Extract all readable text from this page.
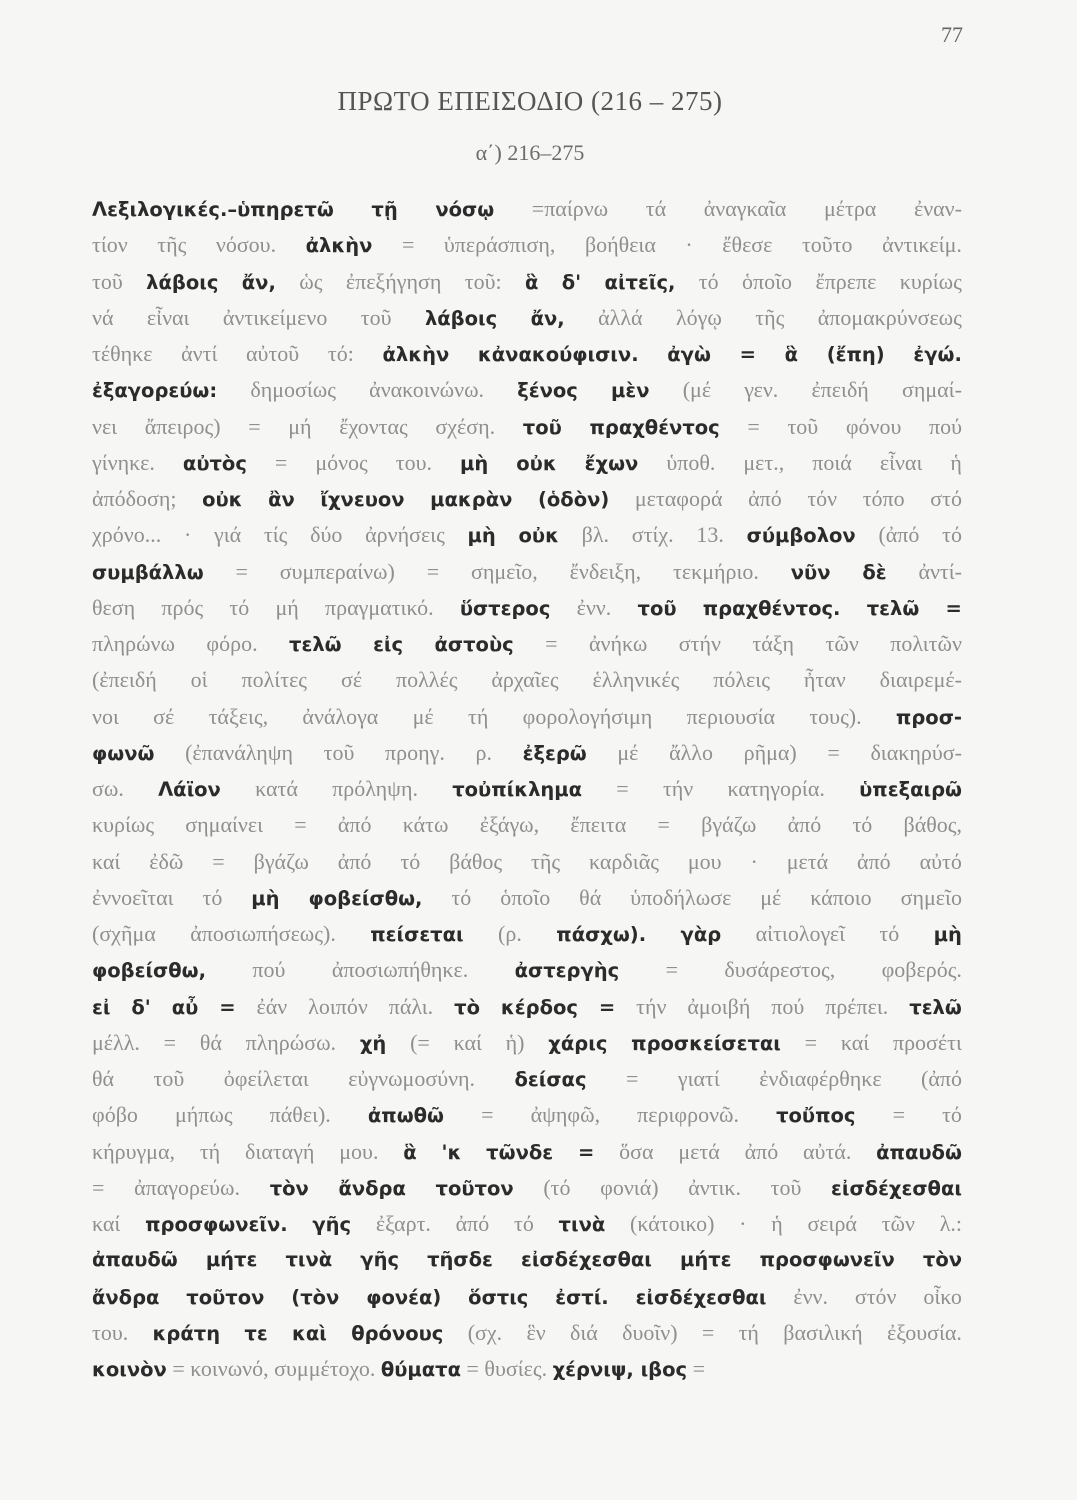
77
ΠΡΩΤΟ ΕΠΕΙΣΟΔΙΟ (216 – 275)
α΄) 216–275
Λεξιλογικές.–ὑπηρετῶ τῇ νόσῳ =παίρνω τά ἀναγκαῖα μέτρα ἐναν-
τίον τῆς νόσου. ἀλκὴν = ὑπεράσπιση, βοήθεια · ἔθεσε τοῦτο ἀντικείμ.
τοῦ λάβοις ἄν, ὡς ἐπεξήγηση τοῦ: ἃ δ' αἰτεῖς, τό ὁποῖο ἔπρεπε κυρίως
νά εἶναι ἀντικείμενο τοῦ λάβοις ἄν, ἀλλά λόγῳ τῆς ἀπομακρύνσεως
τέθηκε ἀντί αὐτοῦ τό: ἀλκὴν κἀνακούφισιν. ἀγὼ = ἃ (ἔπη) ἐγώ.
ἐξαγορεύω: δημοσίως ἀνακοινώνω. ξένος μὲν (μέ γεν. ἐπειδή σημαί-
νει ἄπειρος) = μή ἔχοντας σχέση. τοῦ πραχθέντος = τοῦ φόνου πού
γίνηκε. αὐτὸς = μόνος του. μὴ οὐκ ἔχων ὑποθ. μετ., ποιά εἶναι ἡ
ἀπόδοση; οὐκ ἂν ἴχνευον μακρὰν (ὁδὸν) μεταφορά ἀπό τόν τόπο στό
χρόνο... · γιά τίς δύο ἀρνήσεις μὴ οὐκ βλ. στίχ. 13. σύμβολον (ἀπό τό
συμβάλλω = συμπεραίνω) = σημεῖο, ἔνδειξη, τεκμήριο. νῦν δὲ ἀντί-
θεση πρός τό μή πραγματικό. ὕστερος ἐνν. τοῦ πραχθέντος. τελῶ =
πληρώνω φόρο. τελῶ εἰς ἀστοὺς = ἀνήκω στήν τάξη τῶν πολιτῶν
(ἐπειδή οἱ πολίτες σέ πολλές ἀρχαῖες ἑλληνικές πόλεις ἦταν διαιρεμέ-
νοι σέ τάξεις, ἀνάλογα μέ τή φορολογήσιμη περιουσία τους). προσ-
φωνῶ (ἐπανάληψη τοῦ προηγ. ρ. ἐξερῶ μέ ἄλλο ρῆμα) = διακηρύσ-
σω. Λάϊον κατά πρόληψη. τοὐπίκλημα = τήν κατηγορία. ὑπεξαιρῶ
κυρίως σημαίνει = ἀπό κάτω ἐξάγω, ἔπειτα = βγάζω ἀπό τό βάθος,
καί ἐδῶ = βγάζω ἀπό τό βάθος τῆς καρδιᾶς μου · μετά ἀπό αὐτό
ἐννοεῖται τό μὴ φοβείσθω, τό ὁποῖο θά ὑποδήλωσε μέ κάποιο σημεῖο
(σχῆμα ἀποσιωπήσεως). πείσεται (ρ. πάσχω). γὰρ αἰτιολογεῖ τό μὴ
φοβείσθω, πού ἀποσιωπήθηκε. ἀστεργὴς = δυσάρεστος, φοβερός.
εἰ δ' αὖ = ἐάν λοιπόν πάλι. τὸ κέρδος = τήν ἀμοιβή πού πρέπει. τελῶ
μέλλ. = θά πληρώσω. χἠ (= καί ἡ) χάρις προσκείσεται = καί προσέτι
θά τοῦ ὀφείλεται εὐγνωμοσύνη. δείσας = γιατί ἐνδιαφέρθηκε (ἀπό
φόβο μήπως πάθει). ἀπωθῶ = ἀψηφῶ, περιφρονῶ. τοὔπος = τό
κήρυγμα, τή διαταγή μου. ἃ 'κ τῶνδε = ὅσα μετά ἀπό αὐτά. ἀπαυδῶ
= ἀπαγορεύω. τὸν ἄνδρα τοῦτον (τό φονιά) ἀντικ. τοῦ εἰσδέχεσθαι
καί προσφωνεῖν. γῆς ἐξαρτ. ἀπό τό τινὰ (κάτοικο) · ἡ σειρά τῶν λ.:
ἀπαυδῶ μήτε τινὰ γῆς τῆσδε εἰσδέχεσθαι μήτε προσφωνεῖν τὸν
ἄνδρα τοῦτον (τὸν φονέα) ὅστις ἐστί. εἰσδέχεσθαι ἐνν. στόν οἶκο
του. κράτη τε καὶ θρόνους (σχ. ἓν διά δυοῖν) = τή βασιλική ἐξουσία.
κοινὸν
=
κοινωνό,
συμμέτοχο.
θύματα
=
θυσίες.
χέρνιψ,
ιβος
=
